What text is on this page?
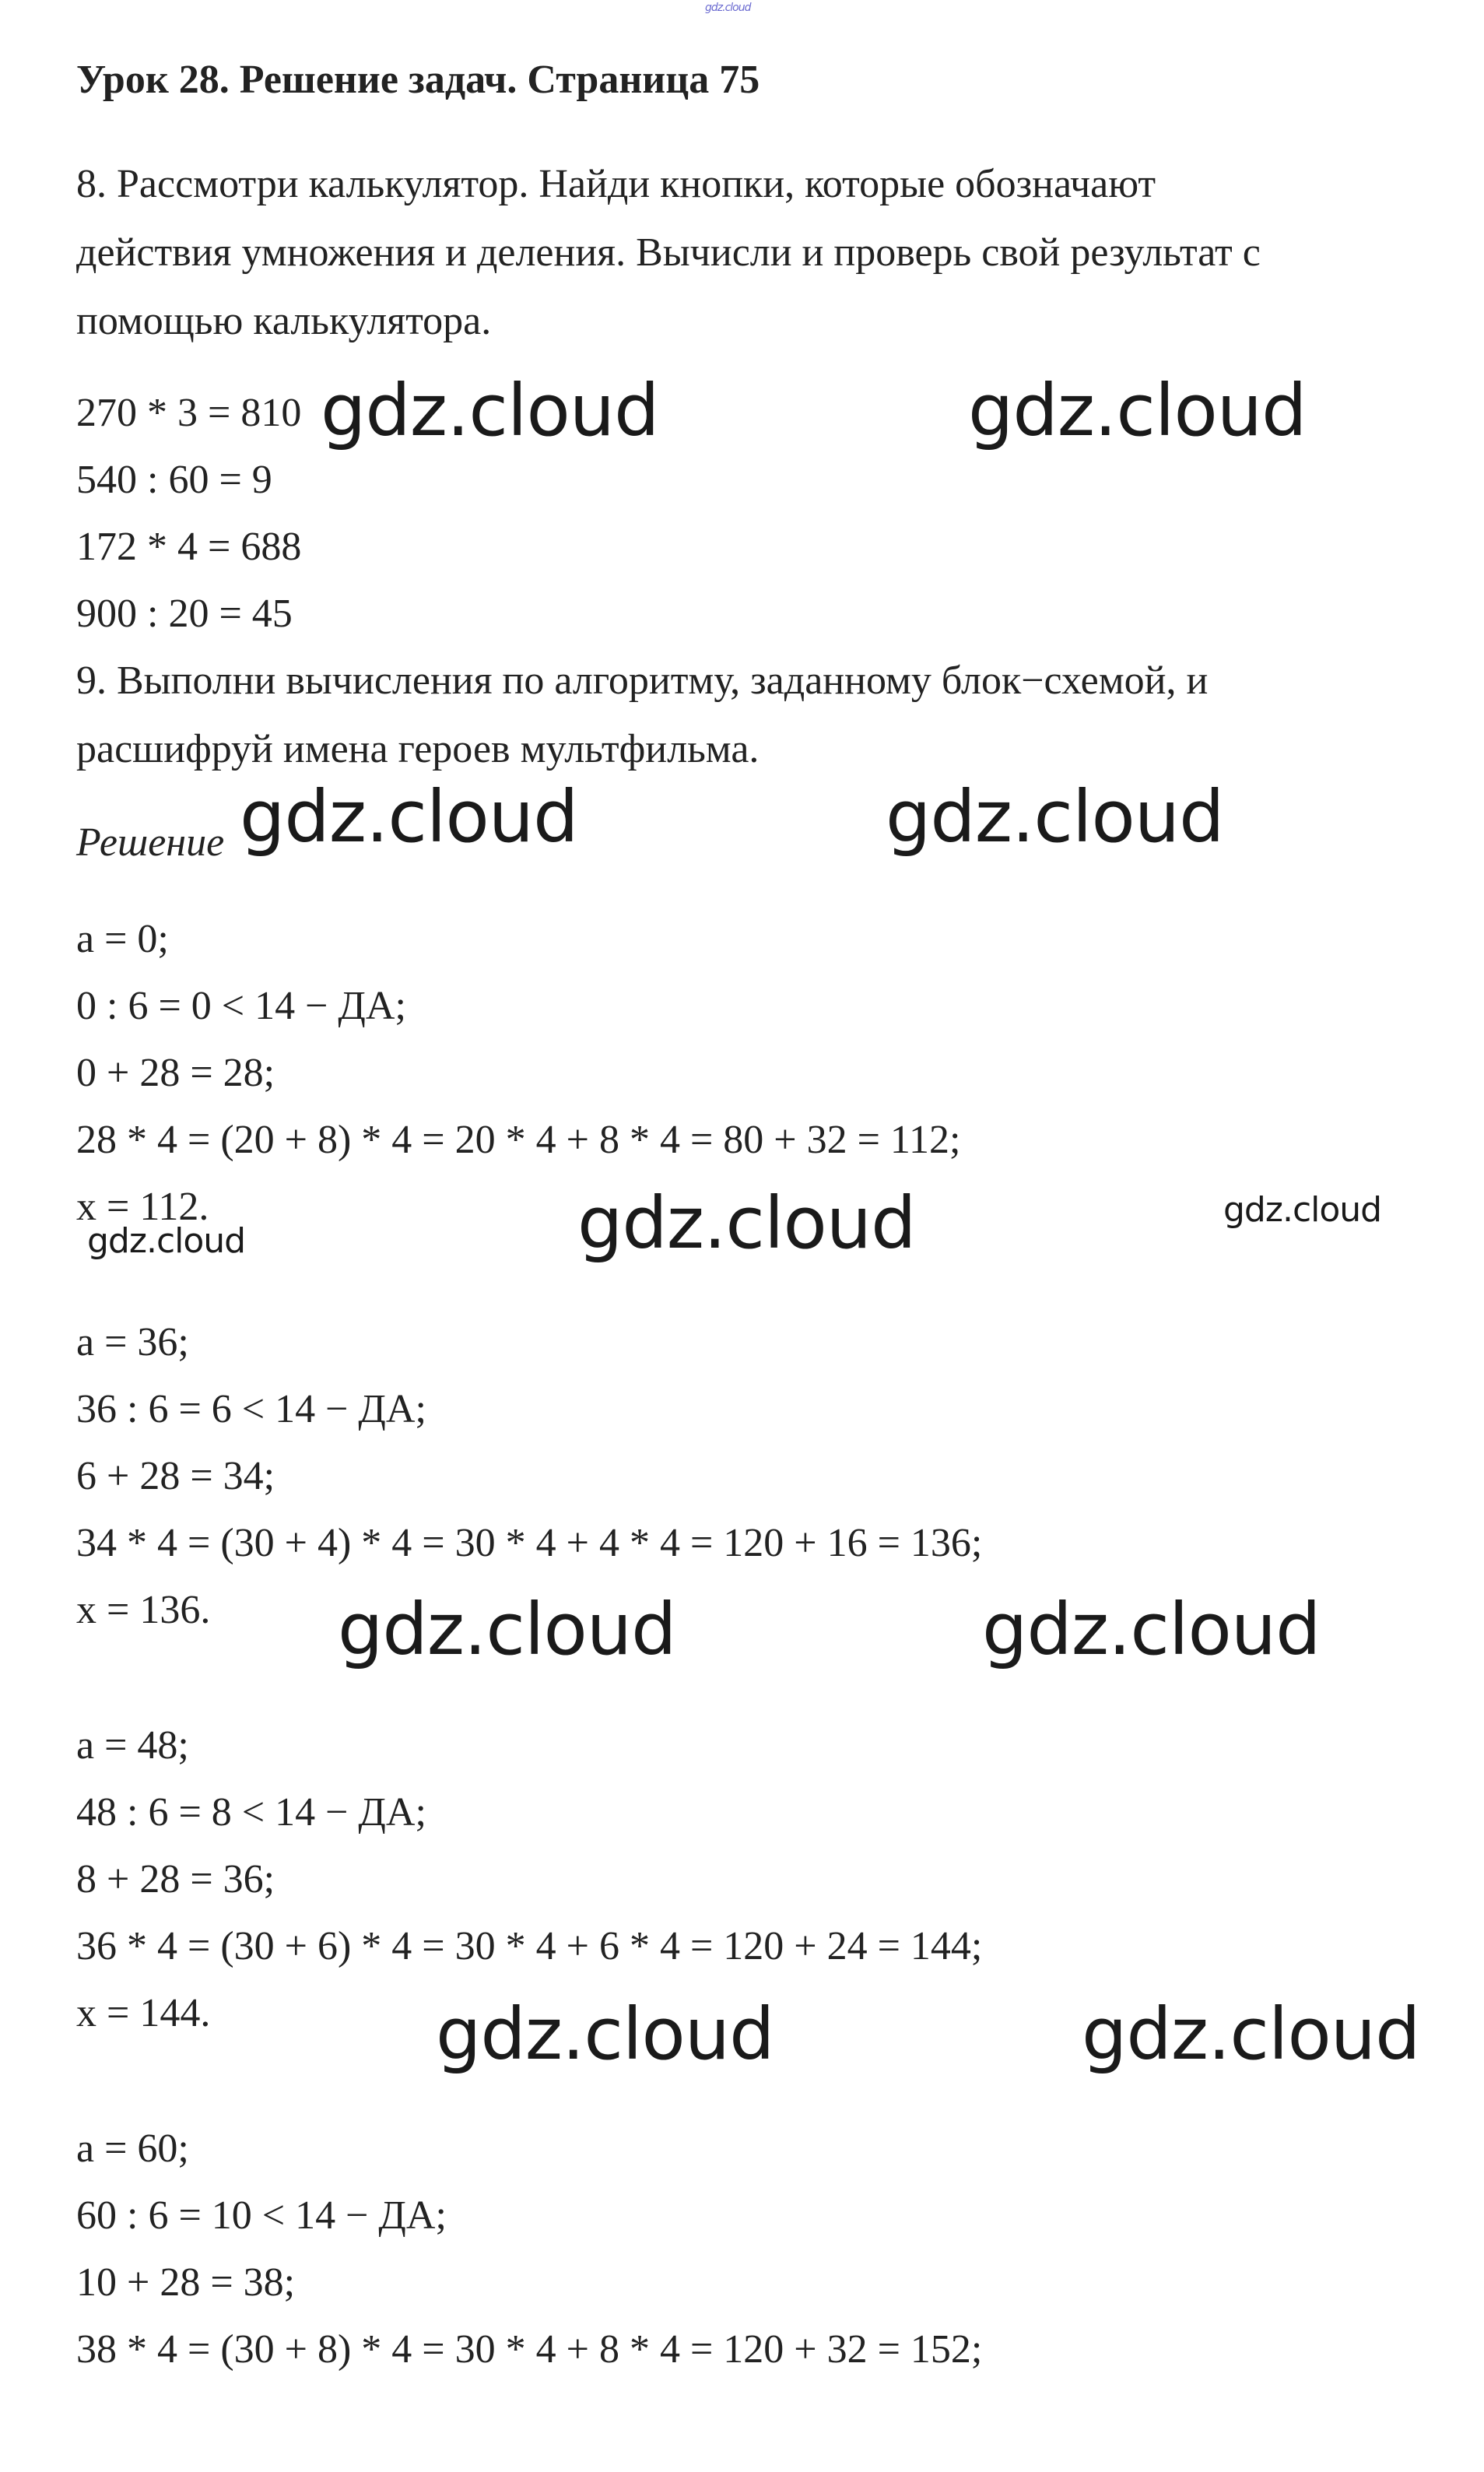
gdz.cloud

Урок 28. Решение задач. Страница 75

8. Рассмотри калькулятор. Найди кнопки, которые обозначают

действия умножения и деления. Вычисли и проверь свой результат с

помощью калькулятора.

270 * 3 = 810

540 : 60 = 9

172 * 4 = 688

900 : 20 = 45

9. Выполни вычисления по алгоритму, заданному блок−схемой, и

расшифруй имена героев мультфильма.

Решение

a = 0;

0 : 6 = 0 < 14 − ДА;

0 + 28 = 28;

28 * 4 = (20 + 8) * 4 = 20 * 4 + 8 * 4 = 80 + 32 = 112;

x = 112.

a = 36;

36 : 6 = 6 < 14 − ДА;

6 + 28 = 34;

34 * 4 = (30 + 4) * 4 = 30 * 4 + 4 * 4 = 120 + 16 = 136;

x = 136.

a = 48;

48 : 6 = 8 < 14 − ДА;

8 + 28 = 36;

36 * 4 = (30 + 6) * 4 = 30 * 4 + 6 * 4 = 120 + 24 = 144;

x = 144.

a = 60;

60 : 6 = 10 < 14 − ДА;

10 + 28 = 38;

38 * 4 = (30 + 8) * 4 = 30 * 4 + 8 * 4 = 120 + 32 = 152;

gdz.cloud	gdz.cloud
gdz.cloud	gdz.cloud
gdz.cloud	gdz.cloud	gdz.cloud
gdz.cloud	gdz.cloud
gdz.cloud	gdz.cloud
